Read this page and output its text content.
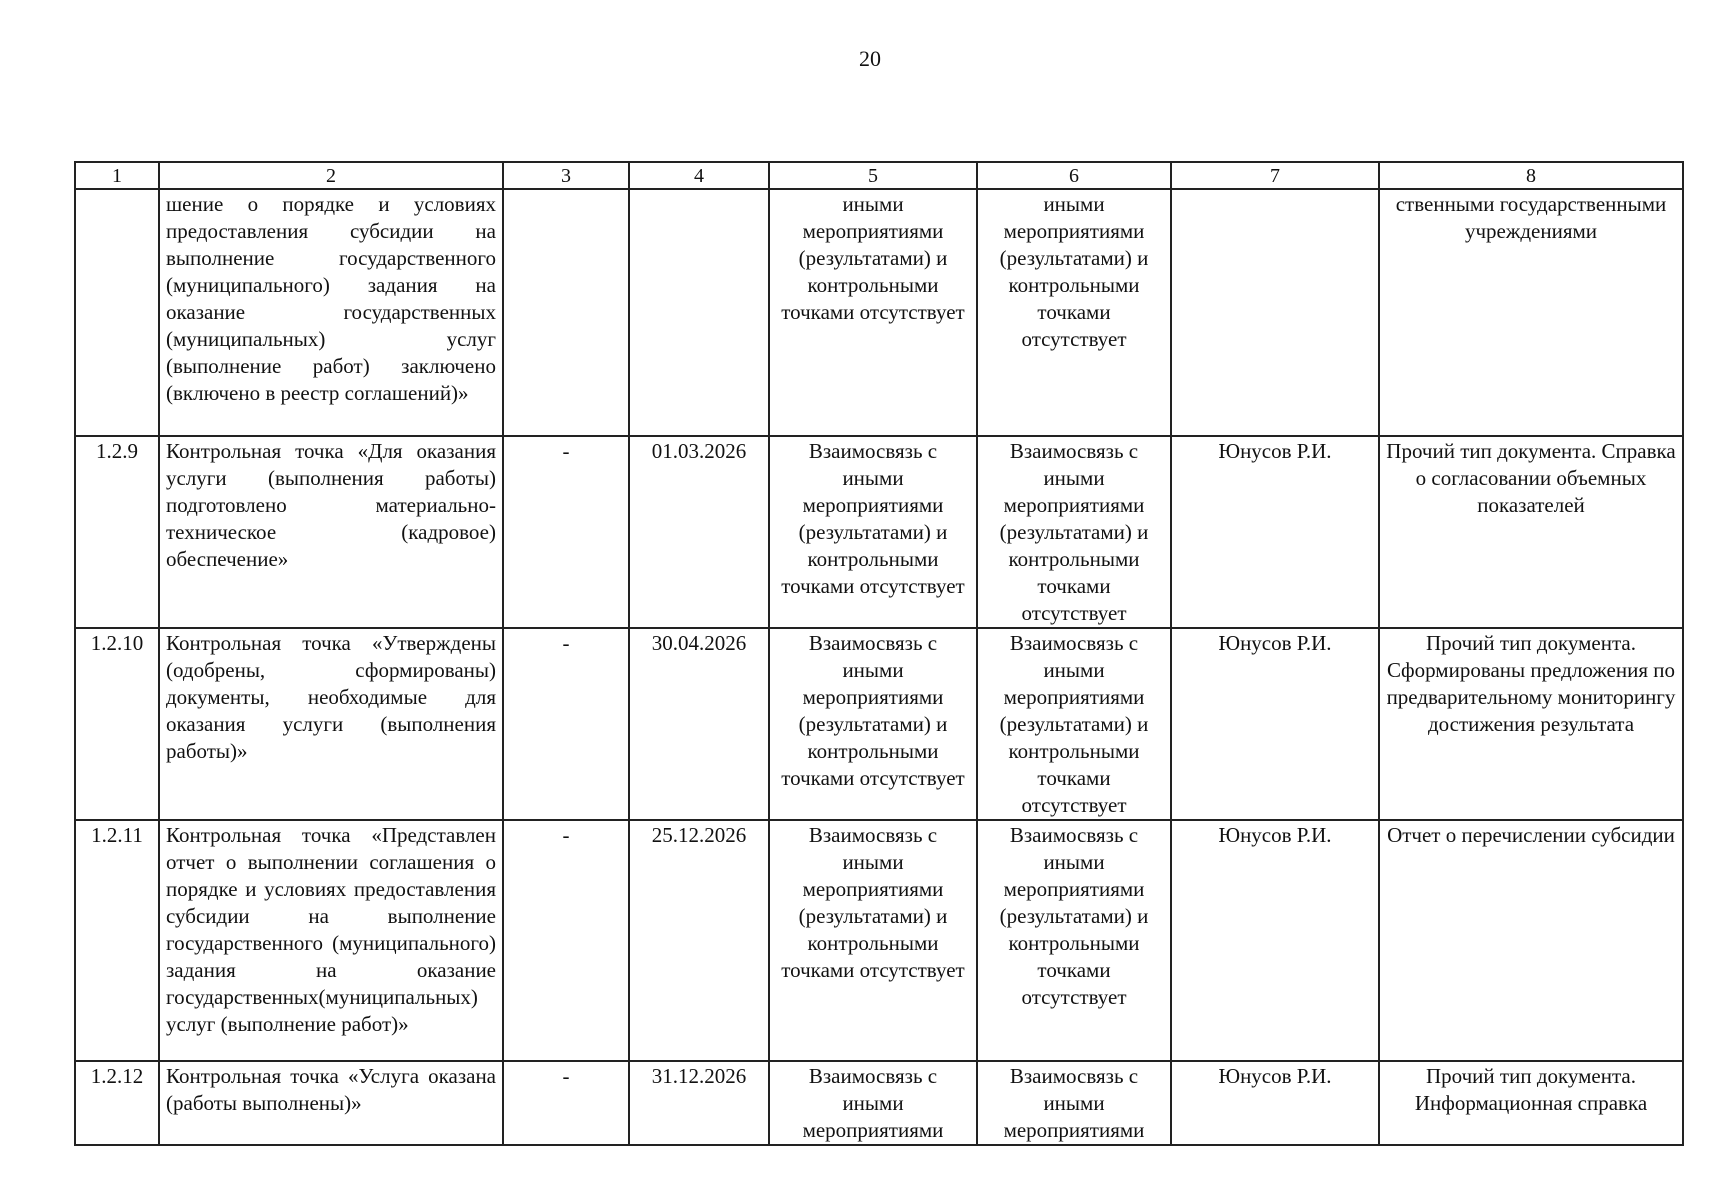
20
1	2	3	4	5	6	7	8
	шение о порядке и условиях предоставления субсидии на выполнение государственного (муниципального) задания на оказание государственных (муниципальных) услуг (выполнение работ) заключено (включено в реестр соглашений)»			иными мероприятиями (результатами) и контрольными точками отсутствует	иными мероприятиями (результатами) и контрольными точками отсутствует		ственными государственными учреждениями
1.2.9	Контрольная точка «Для оказания услуги (выполнения работы) подготовлено материально-техническое (кадровое) обеспечение»	-	01.03.2026	Взаимосвязь с иными мероприятиями (результатами) и контрольными точками отсутствует	Взаимосвязь с иными мероприятиями (результатами) и контрольными точками отсутствует	Юнусов Р.И.	Прочий тип документа. Справка о согласовании объемных показателей
1.2.10	Контрольная точка «Утверждены (одобрены, сформированы) документы, необходимые для оказания услуги (выполнения работы)»	-	30.04.2026	Взаимосвязь с иными мероприятиями (результатами) и контрольными точками отсутствует	Взаимосвязь с иными мероприятиями (результатами) и контрольными точками отсутствует	Юнусов Р.И.	Прочий тип документа. Сформированы предложения по предварительному мониторингу достижения результата
1.2.11	Контрольная точка «Представлен отчет о выполнении соглашения о порядке и условиях предоставления субсидии на выполнение государственного (муниципального) задания на оказание государственных(муниципальных) услуг (выполнение работ)»	-	25.12.2026	Взаимосвязь с иными мероприятиями (результатами) и контрольными точками отсутствует	Взаимосвязь с иными мероприятиями (результатами) и контрольными точками отсутствует	Юнусов Р.И.	Отчет о перечислении субсидии
1.2.12	Контрольная точка «Услуга оказана (работы выполнены)»	-	31.12.2026	Взаимосвязь с иными мероприятиями	Взаимосвязь с иными мероприятиями	Юнусов Р.И.	Прочий тип документа. Информационная справка
